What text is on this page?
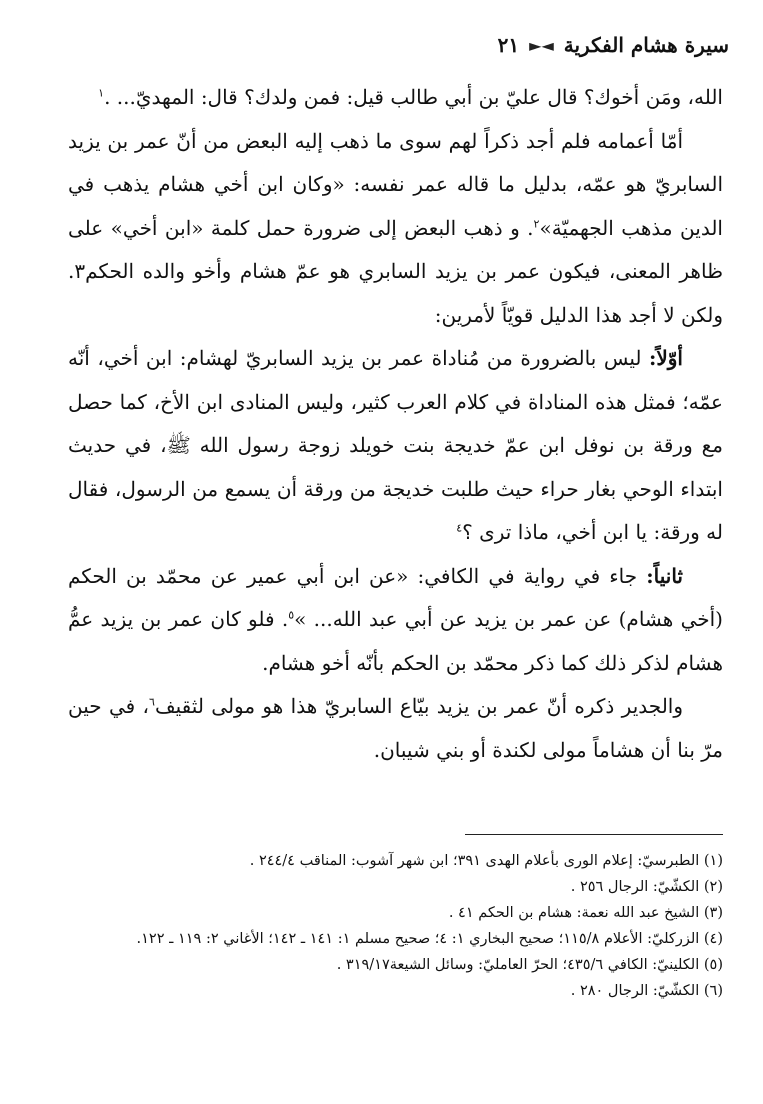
سيرة هشام الفكرية
◄►
٢١

الله، ومَن أخوك؟ قال عليّ بن أبي طالب قيل: فمن ولدك؟ قال: المهديّ... .$^١$

أمّا أعمامه فلم أجد ذكراً لهم سوى ما ذهب إليه البعض من أنّ عمر بن يزيد السابريّ هو عمّه، بدليل ما قاله عمر نفسه: «وكان ابن أخي هشام يذهب في الدين مذهب الجهميّة»$^٢$. و ذهب البعض إلى ضرورة حمل كلمة «ابن أخي» على ظاهر المعنى، فيكون عمر بن يزيد السابري هو عمّ هشام وأخو والده الحكم٣. ولكن لا أجد هذا الدليل قويّاً لأمرين:

أوّلاً: ليس بالضرورة من مُناداة عمر بن يزيد السابريّ لهشام: ابن أخي، أنّه عمّه؛ فمثل هذه المناداة في كلام العرب كثير، وليس المنادى ابن الأخ، كما حصل مع ورقة بن نوفل ابن عمّ خديجة بنت خويلد زوجة رسول الله ﷺ، في حديث ابتداء الوحي بغار حراء حيث طلبت خديجة من ورقة أن يسمع من الرسول، فقال له ورقة: يا ابن أخي، ماذا ترى ؟$^٤$

ثانياً: جاء في رواية في الكافي: «عن ابن أبي عمير عن محمّد بن الحكم (أخي هشام) عن عمر بن يزيد عن أبي عبد الله... »$^٥$. فلو كان عمر بن يزيد عمُّ هشام لذكر ذلك كما ذكر محمّد بن الحكم بأنّه أخو هشام.

والجدير ذكره أنّ عمر بن يزيد بيّاع السابريّ هذا هو مولى لثقيف$^٦$، في حين مرّ بنا أن هشاماً مولى لكندة أو بني شيبان.

(١) الطبرسيّ: إعلام الورى بأعلام الهدى ٣٩١؛ ابن شهر آشوب: المناقب ٢٤٤/٤ .

(٢) الكشّيّ: الرجال ٢٥٦ .

(٣) الشيخ عبد الله نعمة: هشام بن الحكم ٤١ .

(٤) الزركليّ: الأعلام ١١٥/٨؛ صحيح البخاري ١: ٤؛ صحيح مسلم ١: ١٤١ ـ ١٤٢؛ الأغاني ٢: ١١٩ ـ ١٢٢.

(٥) الكلينيّ: الكافي ٤٣٥/٦؛ الحرّ العامليّ: وسائل الشيعة٣١٩/١٧ .

(٦) الكشّيّ: الرجال ٢٨٠ .
